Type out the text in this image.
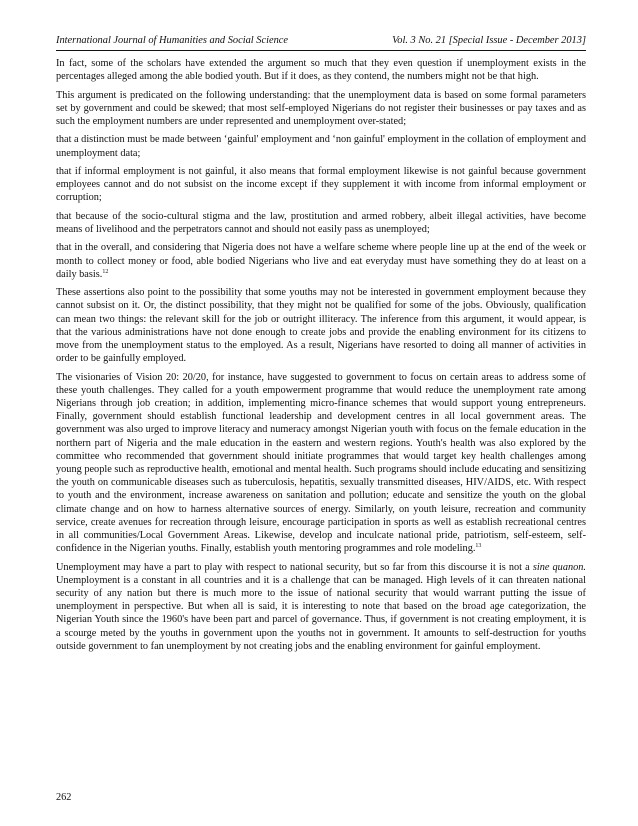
International Journal of Humanities and Social Science	Vol. 3 No. 21 [Special Issue - December 2013]

In fact, some of the scholars have extended the argument so much that they even question if unemployment exists in the percentages alleged among the able bodied youth. But if it does, as they contend, the numbers might not be that high.

This argument is predicated on the following understanding: that the unemployment data is based on some formal parameters set by government and could be skewed; that most self-employed Nigerians do not register their businesses or pay taxes and as such the employment numbers are under represented and unemployment over-stated;

that a distinction must be made between ‘gainful' employment and ‘non gainful' employment in the collation of employment and unemployment data;

that if informal employment is not gainful, it also means that formal employment likewise is not gainful because government employees cannot and do not subsist on the income except if they supplement it with income from informal employment or corruption;

that because of the socio-cultural stigma and the law, prostitution and armed robbery, albeit illegal activities, have become means of livelihood and the perpetrators cannot and should not easily pass as unemployed;

that in the overall, and considering that Nigeria does not have a welfare scheme where people line up at the end of the week or month to collect money or food, able bodied Nigerians who live and eat everyday must have something they do at least on a daily basis.$^{12}$

These assertions also point to the possibility that some youths may not be interested in government employment because they cannot subsist on it. Or, the distinct possibility, that they might not be qualified for some of the jobs. Obviously, qualification can mean two things: the relevant skill for the job or outright illiteracy. The inference from this argument, it would appear, is that the various administrations have not done enough to create jobs and provide the enabling environment for its citizens to move from the unemployment status to the employed. As a result, Nigerians have resorted to doing all manner of activities in order to be gainfully employed.

The visionaries of Vision 20: 20/20, for instance, have suggested to government to focus on certain areas to address some of these youth challenges. They called for a youth empowerment programme that would reduce the unemployment rate among Nigerians through job creation; in addition, implementing micro-finance schemes that would support young entrepreneurs. Finally, government should establish functional leadership and development centres in all local government areas. The government was also urged to improve literacy and numeracy amongst Nigerian youth with focus on the female education in the northern part of Nigeria and the male education in the eastern and western regions. Youth's health was also explored by the committee who recommended that government should initiate programmes that would target key health challenges among young people such as reproductive health, emotional and mental health. Such programs should include educating and sensitizing the youth on communicable diseases such as tuberculosis, hepatitis, sexually transmitted diseases, HIV/AIDS, etc. With respect to youth and the environment, increase awareness on sanitation and pollution; educate and sensitize the youth on the global climate change and on how to harness alternative sources of energy. Similarly, on youth leisure, recreation and community service, create avenues for recreation through leisure, encourage participation in sports as well as establish recreational centres in all communities/Local Government Areas. Likewise, develop and inculcate national pride, patriotism, self-esteem, self-confidence in the Nigerian youths. Finally, establish youth mentoring programmes and role modeling.$^{13}$

Unemployment may have a part to play with respect to national security, but so far from this discourse it is not a sine quanon. Unemployment is a constant in all countries and it is a challenge that can be managed. High levels of it can threaten national security of any nation but there is much more to the issue of national security that would warrant putting the issue of unemployment in perspective. But when all is said, it is interesting to note that based on the broad age categorization, the Nigerian Youth since the 1960's have been part and parcel of governance. Thus, if government is not creating employment, it is a scourge meted by the youths in government upon the youths not in government. It amounts to self-destruction for youths outside government to fan unemployment by not creating jobs and the enabling environment for gainful employment.

262
